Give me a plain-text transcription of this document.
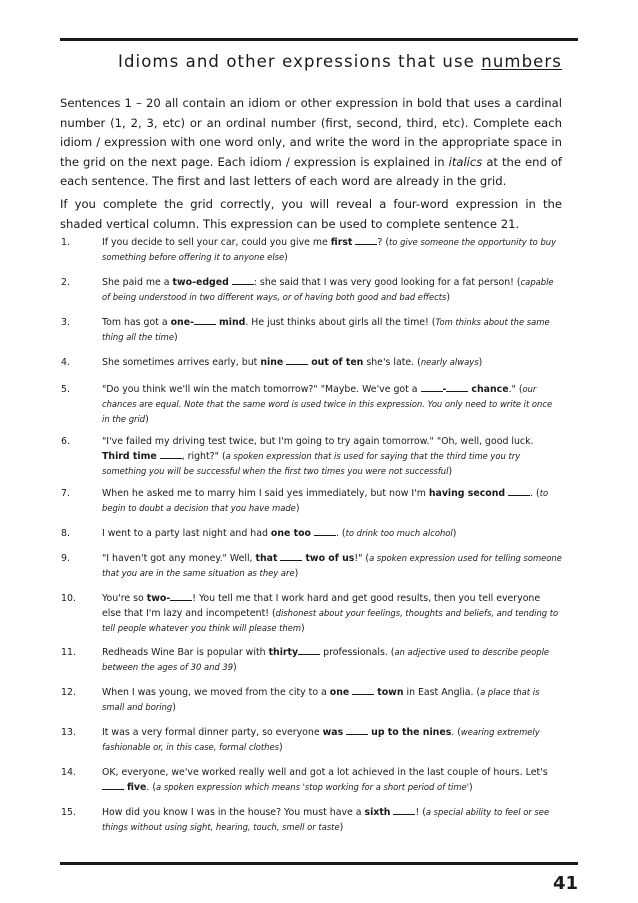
Idioms and other expressions that use numbers

Sentences 1 – 20 all contain an idiom or other expression in bold that uses a cardinal number (1, 2, 3, etc) or an ordinal number (first, second, third, etc). Complete each idiom / expression with one word only, and write the word in the appropriate space in the grid on the next page. Each idiom / expression is explained in italics at the end of each sentence. The first and last letters of each word are already in the grid.

If you complete the grid correctly, you will reveal a four-word expression in the shaded vertical column. This expression can be used to complete sentence 21.

1.	If you decide to sell your car, could you give me first	? (to give someone the opportunity to buy something before offering it to anyone else)
2.	She paid me a two-edged	: she said that I was very good looking for a fat person! (capable of being understood in two different ways, or of having both good and bad effects)
3.	Tom has got a one-	mind. He just thinks about girls all the time! (Tom thinks about the same thing all the time)
4.	She sometimes arrives early, but nine	out of ten she's late. (nearly always)
5.	"Do you think we'll win the match tomorrow?" "Maybe. We've got a -	chance." (our chances are equal. Note that the same word is used twice in this expression. You only need to write it once in the grid)
6.	"I've failed my driving test twice, but I'm going to try again tomorrow." "Oh, well, good luck. Third time	, right?" (a spoken expression that is used for saying that the third time you try something you will be successful when the first two times you were not successful)
7.	When he asked me to marry him I said yes immediately, but now I'm having second	. (to begin to doubt a decision that you have made)
8.	I went to a party last night and had one too	. (to drink too much alcohol)
9.	"I haven't got any money." Well, that	two of us!" (a spoken expression used for telling someone that you are in the same situation as they are)
10.	You're so two- ! You tell me that I work hard and get good results, then you tell everyone else that I'm lazy and incompetent! (dishonest about your feelings, thoughts and beliefs, and tending to tell people whatever you think will please them)
11.	Redheads Wine Bar is popular with thirty professionals. (an adjective used to describe people between the ages of 30 and 39)
12.	When I was young, we moved from the city to a one	town in East Anglia. (a place that is small and boring)
13.	It was a very formal dinner party, so everyone was	up to the nines. (wearing extremely fashionable or, in this case, formal clothes)
14.	OK, everyone, we've worked really well and got a lot achieved in the last couple of hours. Let's  five. (a spoken expression which means 'stop working for a short period of time')
15.	How did you know I was in the house? You must have a sixth	! (a special ability to feel or see things without using sight, hearing, touch, smell or taste)
41
